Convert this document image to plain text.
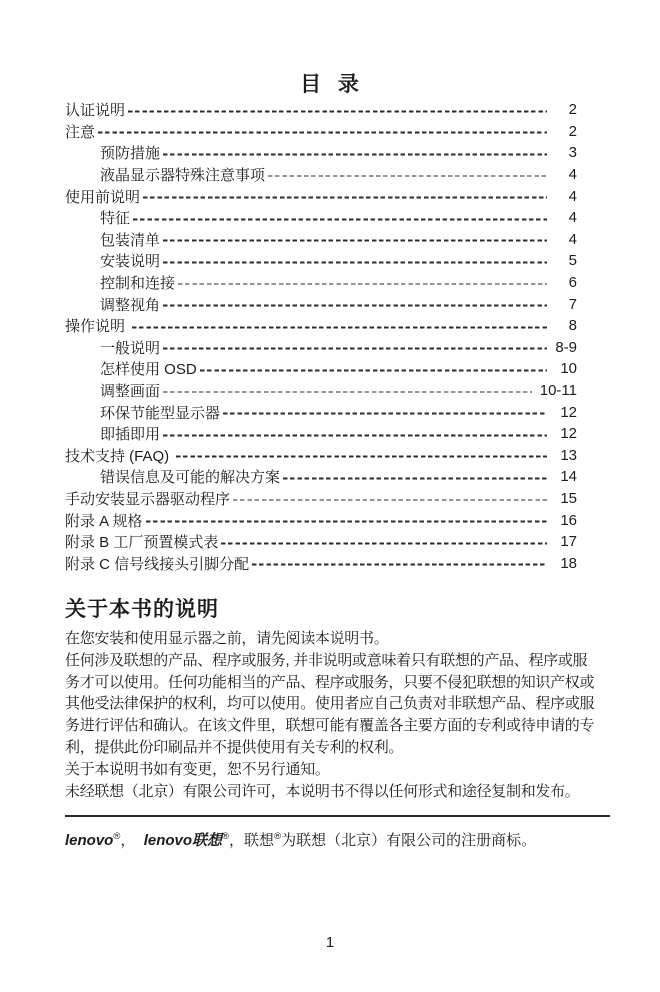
目 录
认证说明	2
注意	2
预防措施	3
液晶显示器特殊注意事项	4
使用前说明	4
特征	4
包装清单	4
安装说明	5
控制和连接	6
调整视角	7
操作说明	8
一般说明	8-9
怎样使用 OSD	10
调整画面	10-11
环保节能型显示器	12
即插即用	12
技术支持 (FAQ)	13
错误信息及可能的解决方案	14
手动安装显示器驱动程序	15
附录 A 规格	16
附录 B 工厂预置模式表	17
附录 C 信号线接头引脚分配	18
关于本书的说明
在您安装和使用显示器之前，请先阅读本说明书。
任何涉及联想的产品、程序或服务, 并非说明或意味着只有联想的产品、程序或服
务才可以使用。任何功能相当的产品、程序或服务，只要不侵犯联想的知识产权或
其他受法律保护的权利，均可以使用。使用者应自己负责对非联想产品、程序或服
务进行评估和确认。在该文件里，联想可能有覆盖各主要方面的专利或待申请的专
利，提供此份印刷品并不提供使用有关专利的权利。
关于本说明书如有变更，恕不另行通知。
未经联想（北京）有限公司许可，本说明书不得以任何形式和途径复制和发布。

lenovo®，  lenovo联想®，联想®为联想（北京）有限公司的注册商标。

1
